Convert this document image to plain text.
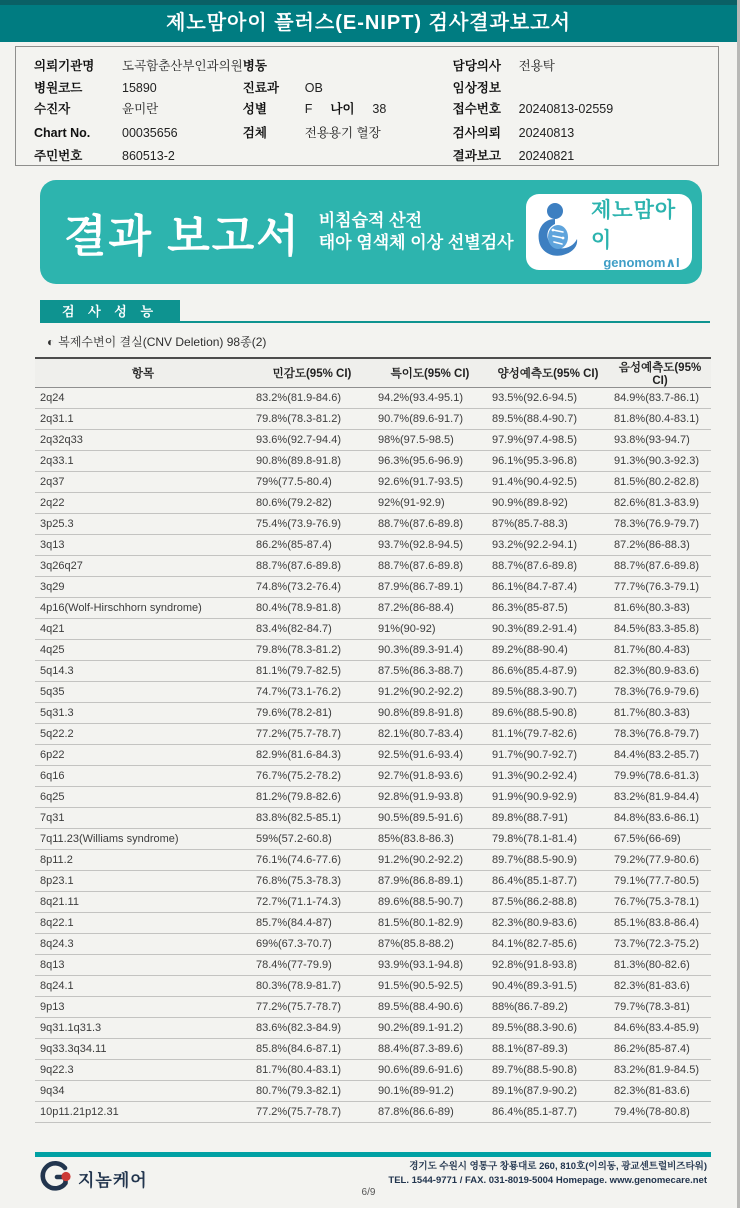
제노맘아이 플러스(E-NIPT) 검사결과보고서
의뢰기관명	도곡함춘산부인과의원
병원코드	15890
수진자	윤미란
Chart No.	00035656
주민번호	860513-2
병동
진료과	OB
성별	F 나이	38
검체	전용용기 혈장
담당의사	전용탁
임상정보
접수번호	20240813-02559
검사의뢰	20240813
결과보고	20240821
결과 보고서 비침습적 산전
태아 염색체 이상 선별검사
제노맘아이
genomom∧I
검 사 성 능
◐ 복제수변이 결실(CNV Deletion) 98종(2)
항목	민감도(95% CI)	특이도(95% CI)	양성예측도(95% CI)	음성예측도(95% CI)
2q24	83.2%(81.9-84.6)	94.2%(93.4-95.1)	93.5%(92.6-94.5)	84.9%(83.7-86.1)
2q31.1	79.8%(78.3-81.2)	90.7%(89.6-91.7)	89.5%(88.4-90.7)	81.8%(80.4-83.1)
2q32q33	93.6%(92.7-94.4)	98%(97.5-98.5)	97.9%(97.4-98.5)	93.8%(93-94.7)
2q33.1	90.8%(89.8-91.8)	96.3%(95.6-96.9)	96.1%(95.3-96.8)	91.3%(90.3-92.3)
2q37	79%(77.5-80.4)	92.6%(91.7-93.5)	91.4%(90.4-92.5)	81.5%(80.2-82.8)
2q22	80.6%(79.2-82)	92%(91-92.9)	90.9%(89.8-92)	82.6%(81.3-83.9)
3p25.3	75.4%(73.9-76.9)	88.7%(87.6-89.8)	87%(85.7-88.3)	78.3%(76.9-79.7)
3q13	86.2%(85-87.4)	93.7%(92.8-94.5)	93.2%(92.2-94.1)	87.2%(86-88.3)
3q26q27	88.7%(87.6-89.8)	88.7%(87.6-89.8)	88.7%(87.6-89.8)	88.7%(87.6-89.8)
3q29	74.8%(73.2-76.4)	87.9%(86.7-89.1)	86.1%(84.7-87.4)	77.7%(76.3-79.1)
4p16(Wolf-Hirschhorn syndrome)	80.4%(78.9-81.8)	87.2%(86-88.4)	86.3%(85-87.5)	81.6%(80.3-83)
4q21	83.4%(82-84.7)	91%(90-92)	90.3%(89.2-91.4)	84.5%(83.3-85.8)
4q25	79.8%(78.3-81.2)	90.3%(89.3-91.4)	89.2%(88-90.4)	81.7%(80.4-83)
5q14.3	81.1%(79.7-82.5)	87.5%(86.3-88.7)	86.6%(85.4-87.9)	82.3%(80.9-83.6)
5q35	74.7%(73.1-76.2)	91.2%(90.2-92.2)	89.5%(88.3-90.7)	78.3%(76.9-79.6)
5q31.3	79.6%(78.2-81)	90.8%(89.8-91.8)	89.6%(88.5-90.8)	81.7%(80.3-83)
5q22.2	77.2%(75.7-78.7)	82.1%(80.7-83.4)	81.1%(79.7-82.6)	78.3%(76.8-79.7)
6p22	82.9%(81.6-84.3)	92.5%(91.6-93.4)	91.7%(90.7-92.7)	84.4%(83.2-85.7)
6q16	76.7%(75.2-78.2)	92.7%(91.8-93.6)	91.3%(90.2-92.4)	79.9%(78.6-81.3)
6q25	81.2%(79.8-82.6)	92.8%(91.9-93.8)	91.9%(90.9-92.9)	83.2%(81.9-84.4)
7q31	83.8%(82.5-85.1)	90.5%(89.5-91.6)	89.8%(88.7-91)	84.8%(83.6-86.1)
7q11.23(Williams syndrome)	59%(57.2-60.8)	85%(83.8-86.3)	79.8%(78.1-81.4)	67.5%(66-69)
8p11.2	76.1%(74.6-77.6)	91.2%(90.2-92.2)	89.7%(88.5-90.9)	79.2%(77.9-80.6)
8p23.1	76.8%(75.3-78.3)	87.9%(86.8-89.1)	86.4%(85.1-87.7)	79.1%(77.7-80.5)
8q21.11	72.7%(71.1-74.3)	89.6%(88.5-90.7)	87.5%(86.2-88.8)	76.7%(75.3-78.1)
8q22.1	85.7%(84.4-87)	81.5%(80.1-82.9)	82.3%(80.9-83.6)	85.1%(83.8-86.4)
8q24.3	69%(67.3-70.7)	87%(85.8-88.2)	84.1%(82.7-85.6)	73.7%(72.3-75.2)
8q13	78.4%(77-79.9)	93.9%(93.1-94.8)	92.8%(91.8-93.8)	81.3%(80-82.6)
8q24.1	80.3%(78.9-81.7)	91.5%(90.5-92.5)	90.4%(89.3-91.5)	82.3%(81-83.6)
9p13	77.2%(75.7-78.7)	89.5%(88.4-90.6)	88%(86.7-89.2)	79.7%(78.3-81)
9q31.1q31.3	83.6%(82.3-84.9)	90.2%(89.1-91.2)	89.5%(88.3-90.6)	84.6%(83.4-85.9)
9q33.3q34.11	85.8%(84.6-87.1)	88.4%(87.3-89.6)	88.1%(87-89.3)	86.2%(85-87.4)
9q22.3	81.7%(80.4-83.1)	90.6%(89.6-91.6)	89.7%(88.5-90.8)	83.2%(81.9-84.5)
9q34	80.7%(79.3-82.1)	90.1%(89-91.2)	89.1%(87.9-90.2)	82.3%(81-83.6)
10p11.21p12.31	77.2%(75.7-78.7)	87.8%(86.6-89)	86.4%(85.1-87.7)	79.4%(78-80.8)
지놈케어
경기도 수원시 영통구 창룡대로 260, 810호(이의동, 광교센트럴비즈타워)
TEL. 1544-9771 / FAX. 031-8019-5004 Homepage. www.genomecare.net
6/9
